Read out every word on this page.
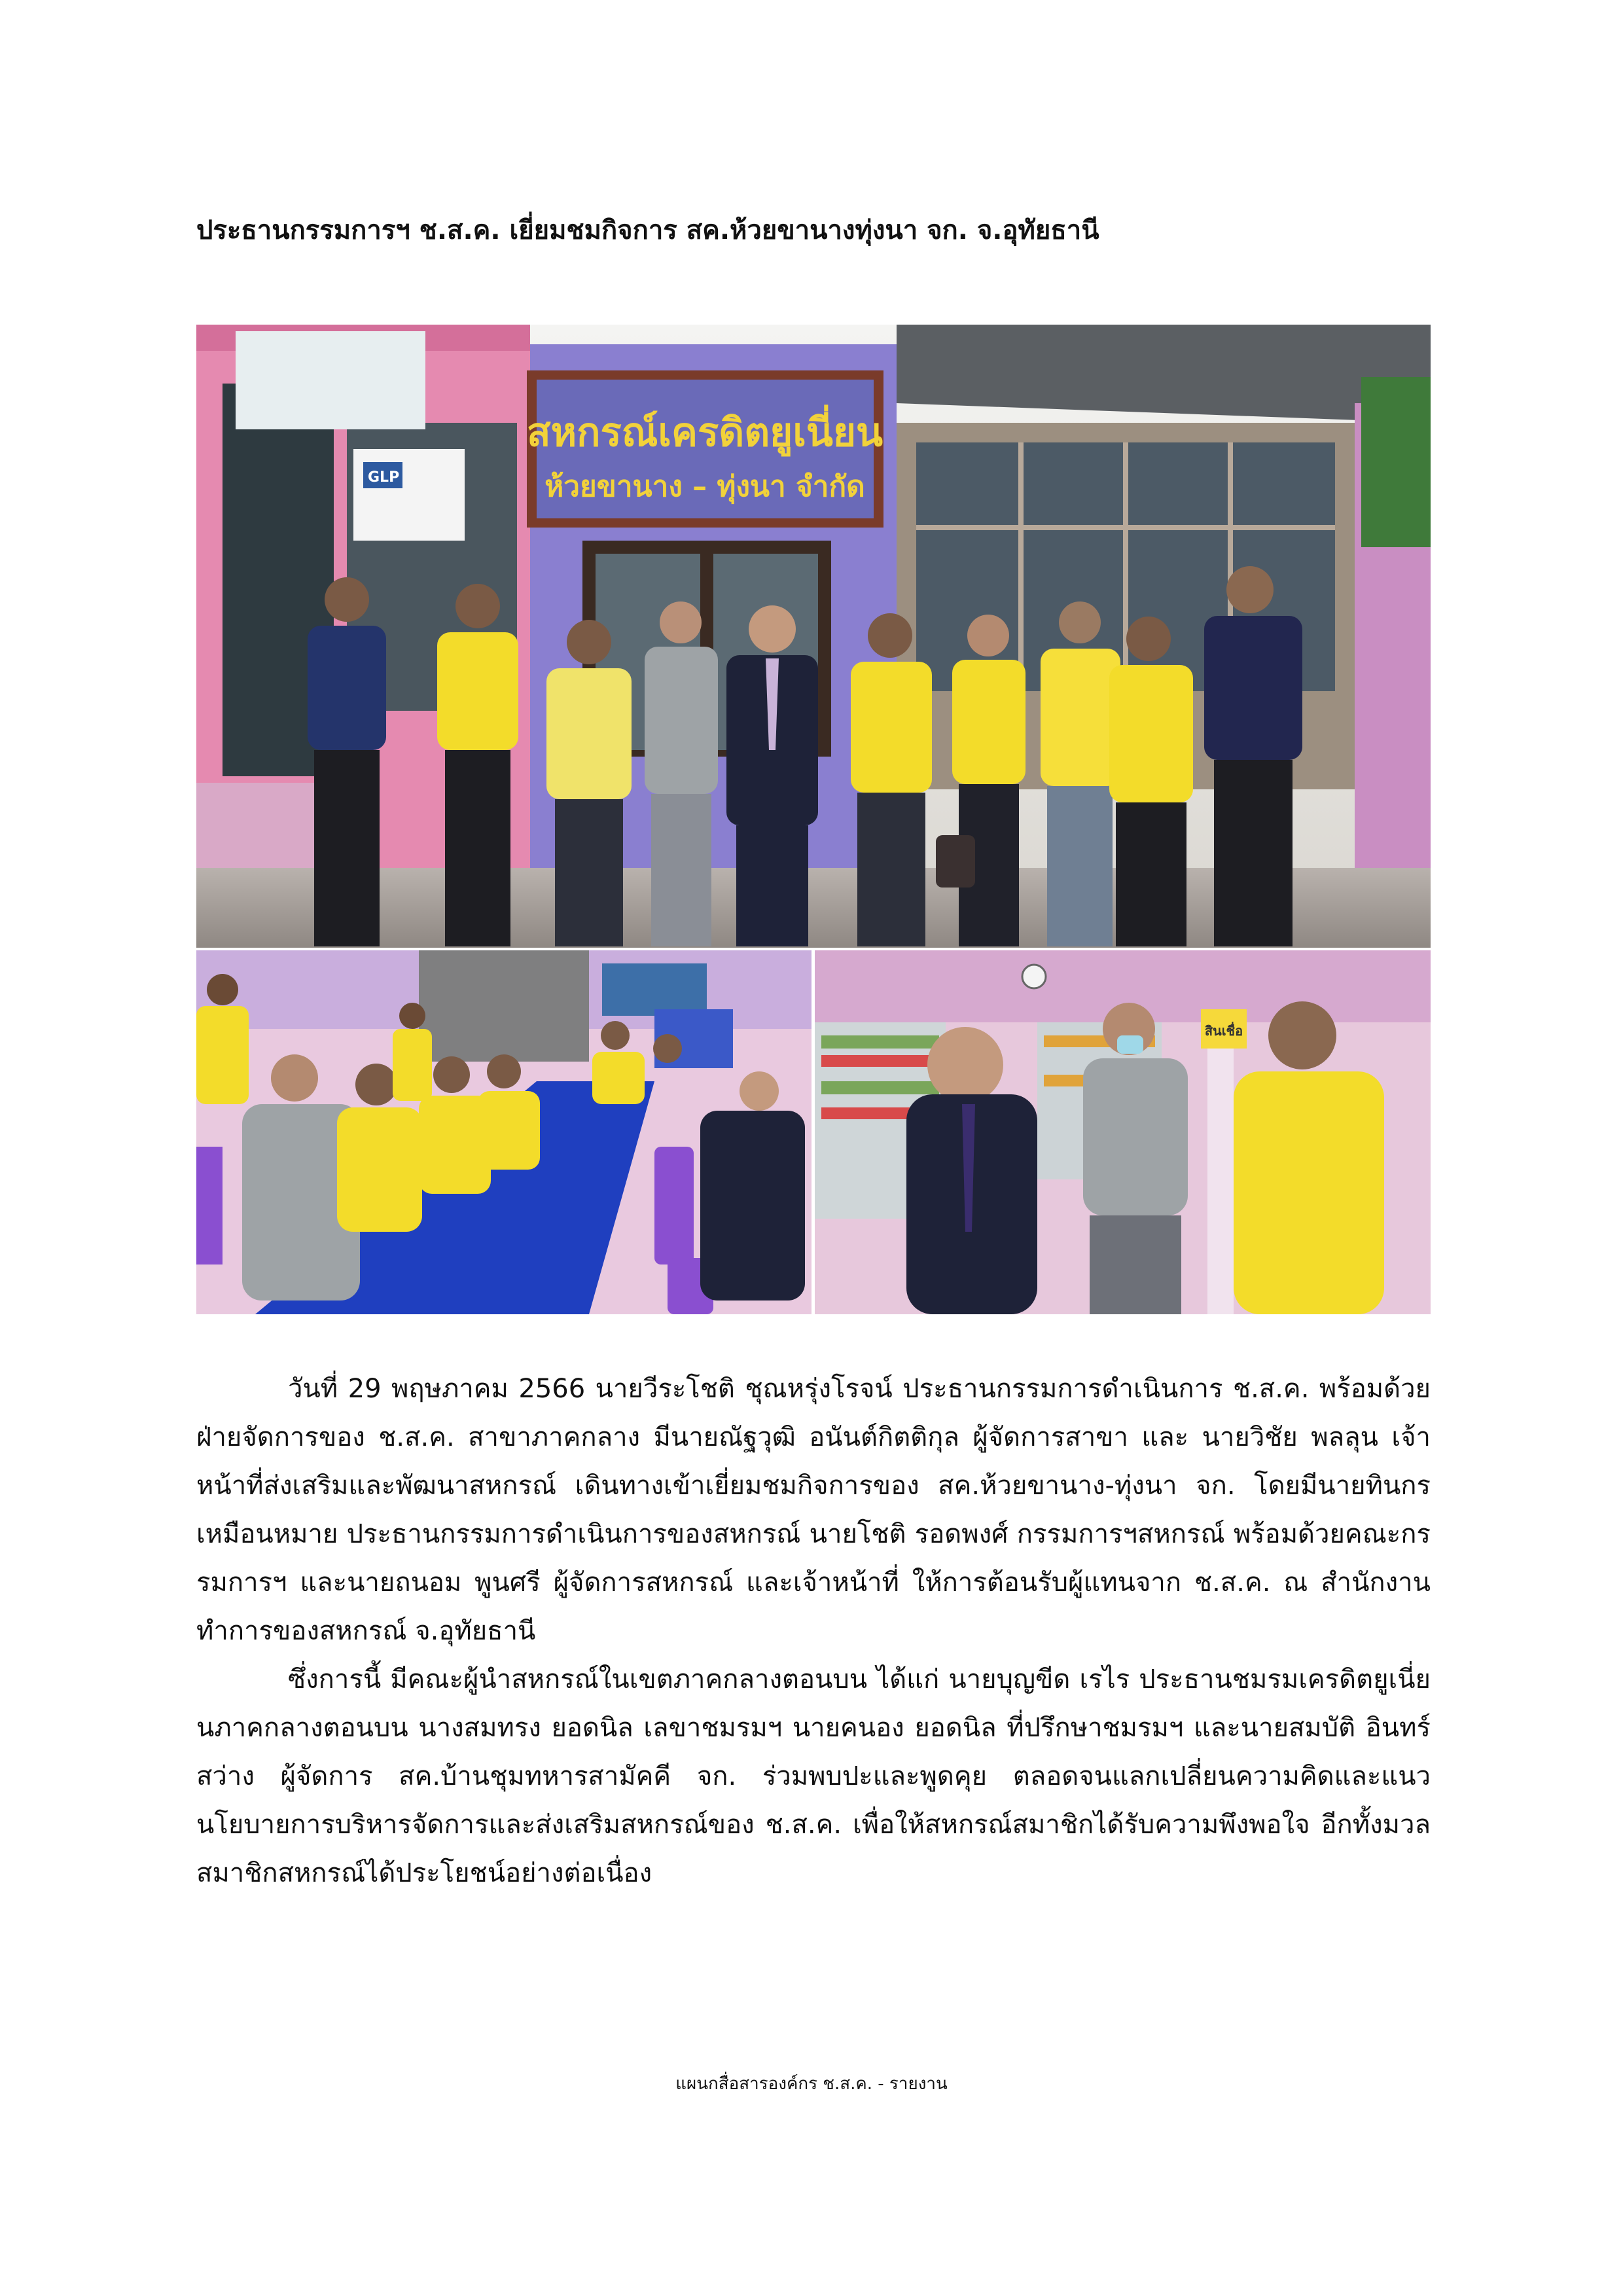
ประธานกรรมการฯ ช.ส.ค. เยี่ยมชมกิจการ สค.ห้วยขานางทุ่งนา จก. จ.อุทัยธานี
GLP
สหกรณ์เครดิตยูเนี่ยน
ห้วยขานาง – ทุ่งนา จำกัด
สินเชื่อ

วันที่ 29 พฤษภาคม 2566 นายวีระโชติ ชุณหรุ่งโรจน์ ประธานกรรมการดำเนินการ ช.ส.ค. พร้อมด้วยฝ่ายจัดการของ ช.ส.ค. สาขาภาคกลาง มีนายณัฐวุฒิ อนันต์กิตติกุล ผู้จัดการสาขา และ นายวิชัย พลลุน เจ้าหน้าที่ส่งเสริมและพัฒนาสหกรณ์ เดินทางเข้าเยี่ยมชมกิจการของ สค.ห้วยขานาง-ทุ่งนา จก. โดยมีนายทินกร เหมือนหมาย ประธานกรรมการดำเนินการของสหกรณ์ นายโชติ รอดพงศ์ กรรมการฯสหกรณ์ พร้อมด้วยคณะกรรมการฯ และนายถนอม พูนศรี ผู้จัดการสหกรณ์ และเจ้าหน้าที่ ให้การต้อนรับผู้แทนจาก ช.ส.ค. ณ สำนักงานทำการของสหกรณ์ จ.อุทัยธานี

ซึ่งการนี้ มีคณะผู้นำสหกรณ์ในเขตภาคกลางตอนบน ได้แก่ นายบุญขีด เรไร ประธานชมรมเครดิตยูเนี่ยนภาคกลางตอนบน นางสมทรง ยอดนิล เลขาชมรมฯ นายคนอง ยอดนิล ที่ปรึกษาชมรมฯ และนายสมบัติ อินทร์สว่าง ผู้จัดการ สค.บ้านชุมทหารสามัคคี จก. ร่วมพบปะและพูดคุย ตลอดจนแลกเปลี่ยนความคิดและแนวนโยบายการบริหารจัดการและส่งเสริมสหกรณ์ของ ช.ส.ค. เพื่อให้สหกรณ์สมาชิกได้รับความพึงพอใจ อีกทั้งมวลสมาชิกสหกรณ์ได้ประโยชน์อย่างต่อเนื่อง

แผนกสื่อสารองค์กร ช.ส.ค. - รายงาน
